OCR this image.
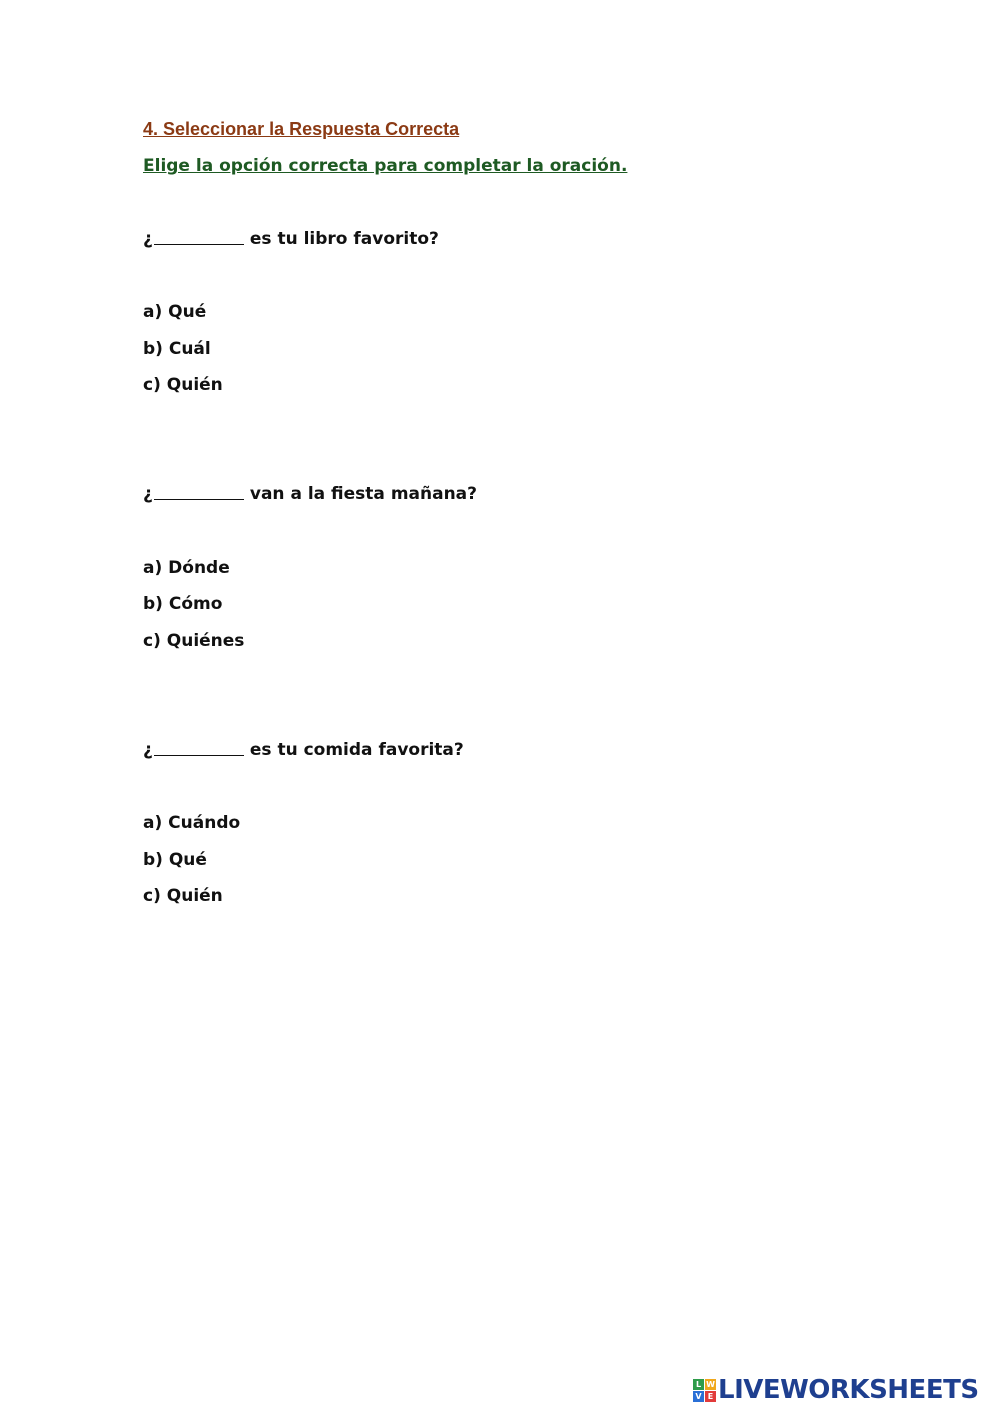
4. Seleccionar la Respuesta Correcta
Elige la opción correcta para completar la oración.
¿	es tu libro favorito?
a) Qué
b) Cuál
c) Quién
¿	van a la fiesta mañana?
a) Dónde
b) Cómo
c) Quiénes
¿	es tu comida favorita?
a) Cuándo
b) Qué
c) Quién
L W
V E LIVEWORKSHEETS
